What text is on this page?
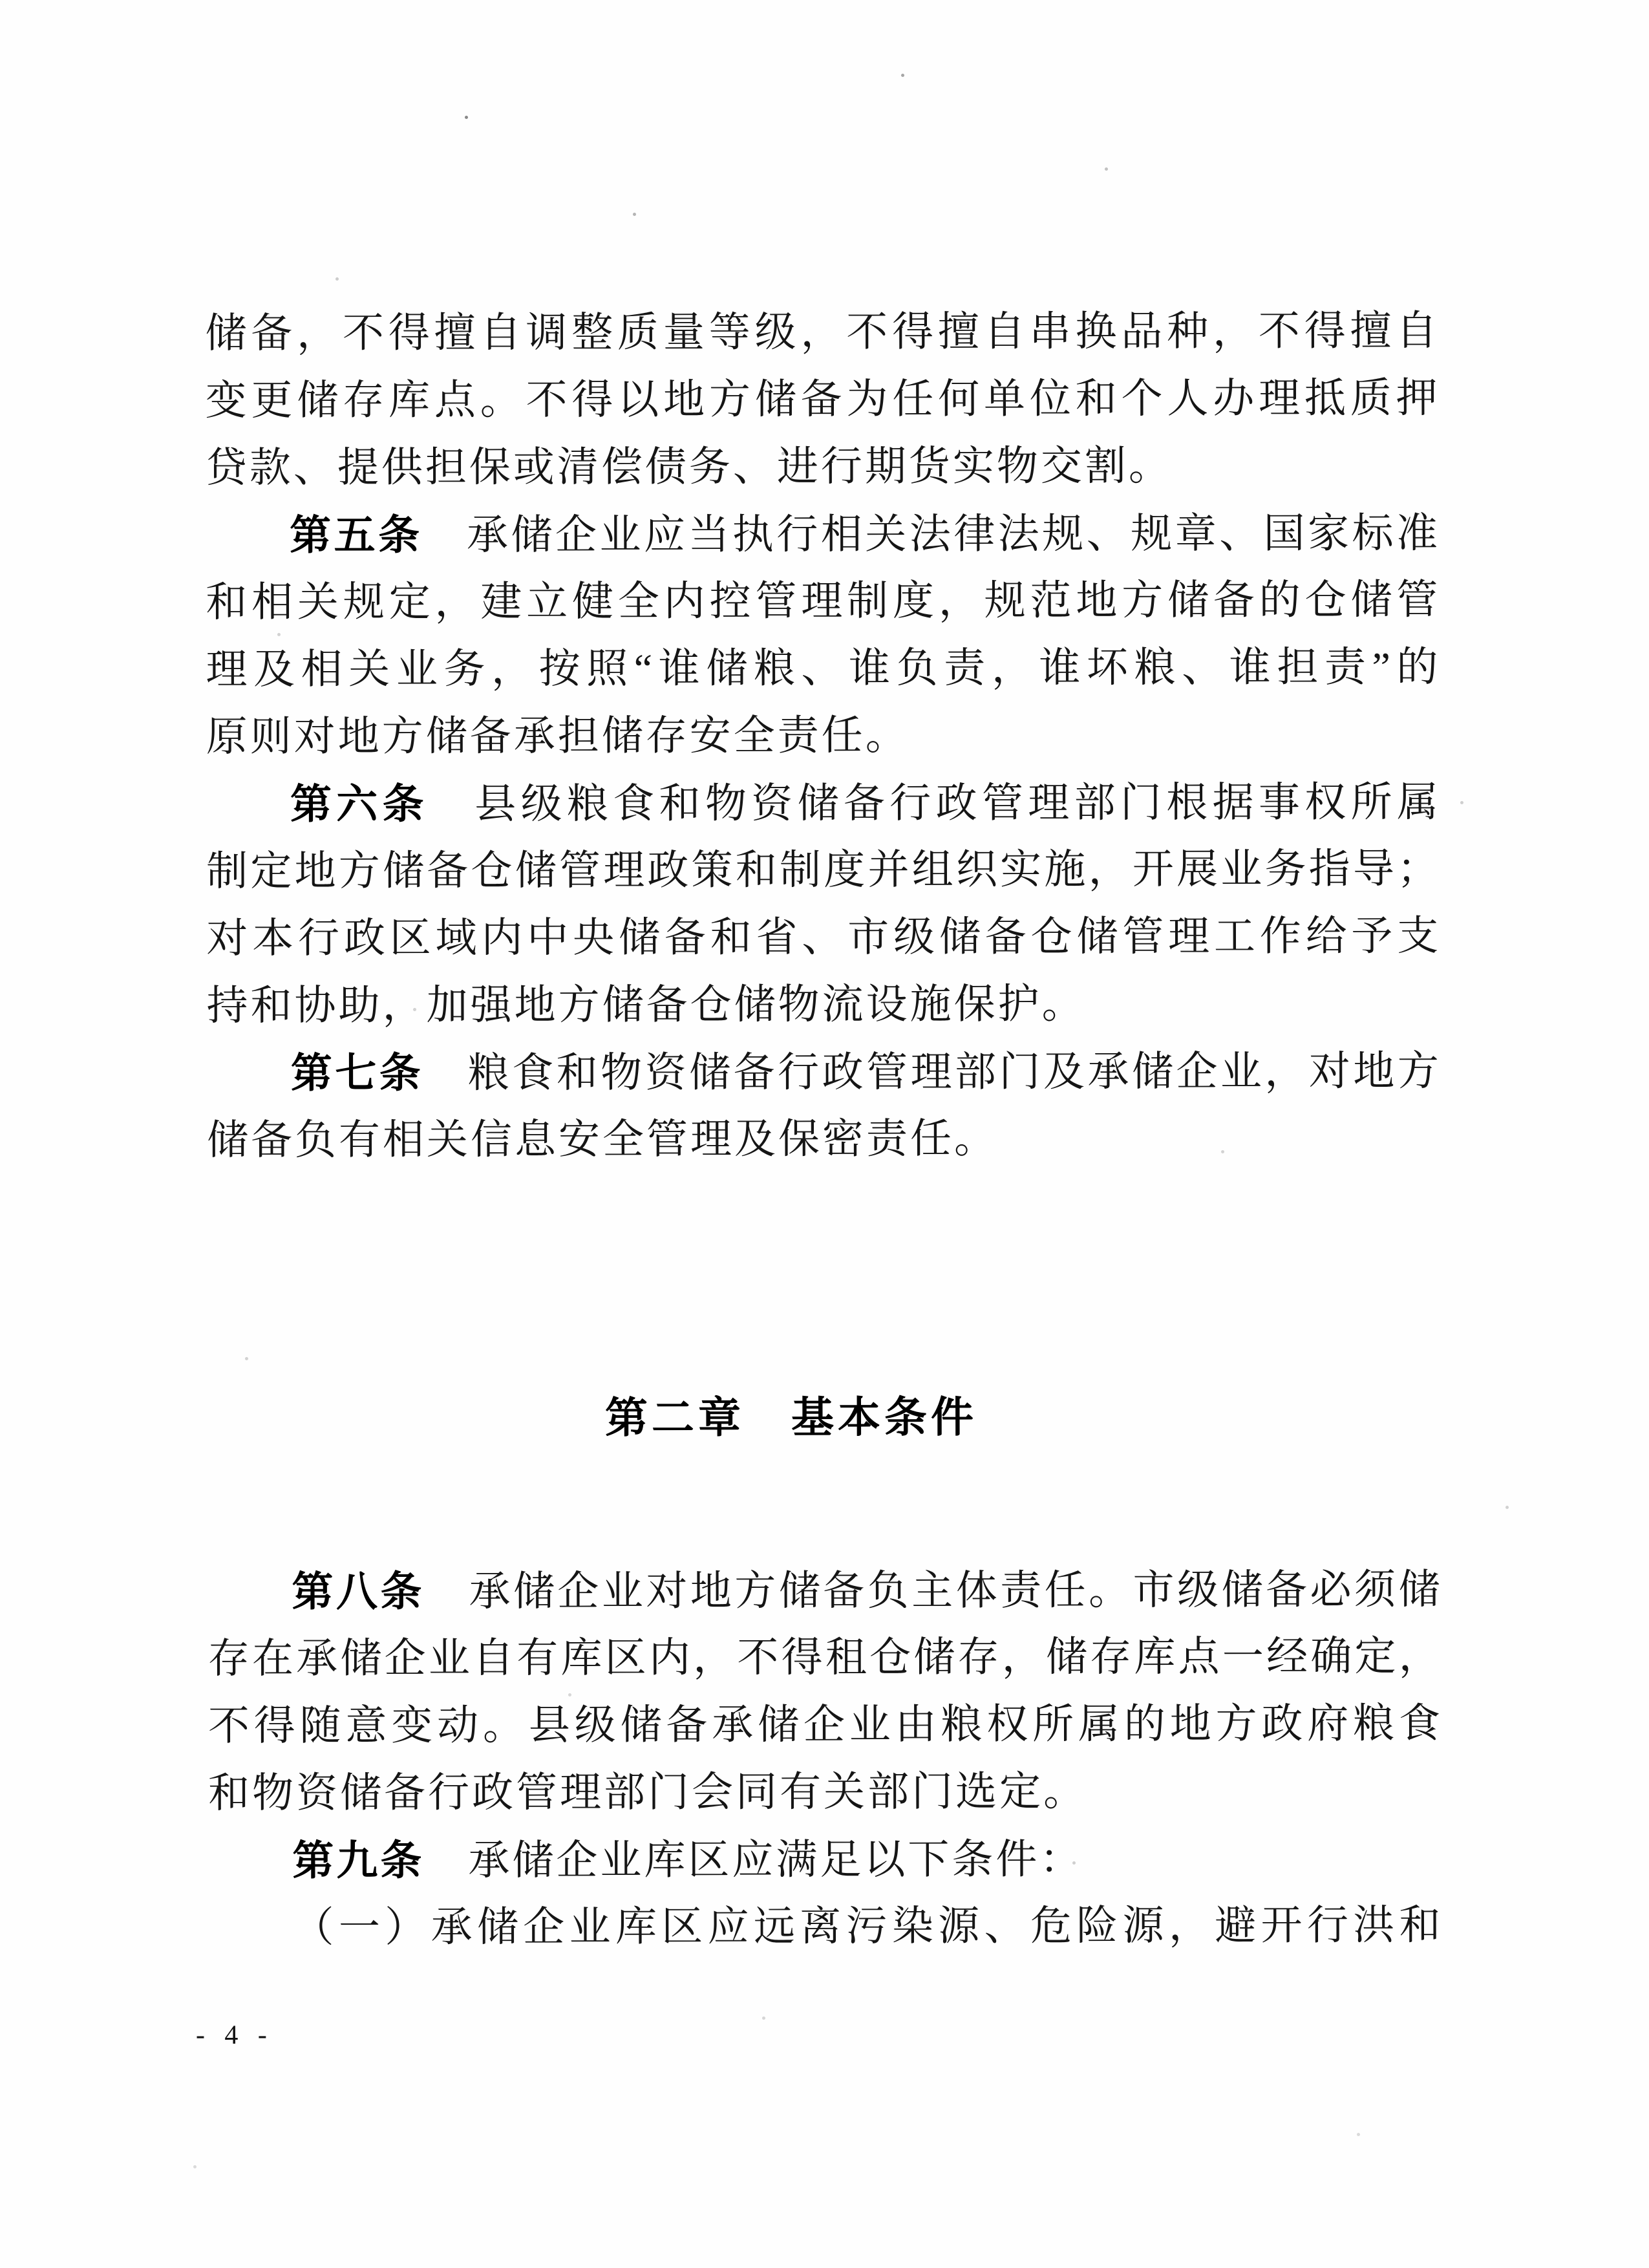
储备，不得擅自调整质量等级，不得擅自串换品种，不得擅自
变更储存库点。不得以地方储备为任何单位和个人办理抵质押
贷款、提供担保或清偿债务、进行期货实物交割。
第五条　承储企业应当执行相关法律法规、规章、国家标准
和相关规定，建立健全内控管理制度，规范地方储备的仓储管
理及相关业务，按照“谁储粮、谁负责，谁坏粮、谁担责”的
原则对地方储备承担储存安全责任。
第六条　县级粮食和物资储备行政管理部门根据事权所属
制定地方储备仓储管理政策和制度并组织实施，开展业务指导；
对本行政区域内中央储备和省、市级储备仓储管理工作给予支
持和协助，加强地方储备仓储物流设施保护。
第七条　粮食和物资储备行政管理部门及承储企业，对地方
储备负有相关信息安全管理及保密责任。
第二章　基本条件
第八条　承储企业对地方储备负主体责任。市级储备必须储
存在承储企业自有库区内，不得租仓储存，储存库点一经确定，
不得随意变动。县级储备承储企业由粮权所属的地方政府粮食
和物资储备行政管理部门会同有关部门选定。
第九条　承储企业库区应满足以下条件：
（一）承储企业库区应远离污染源、危险源，避开行洪和
- 4 -
